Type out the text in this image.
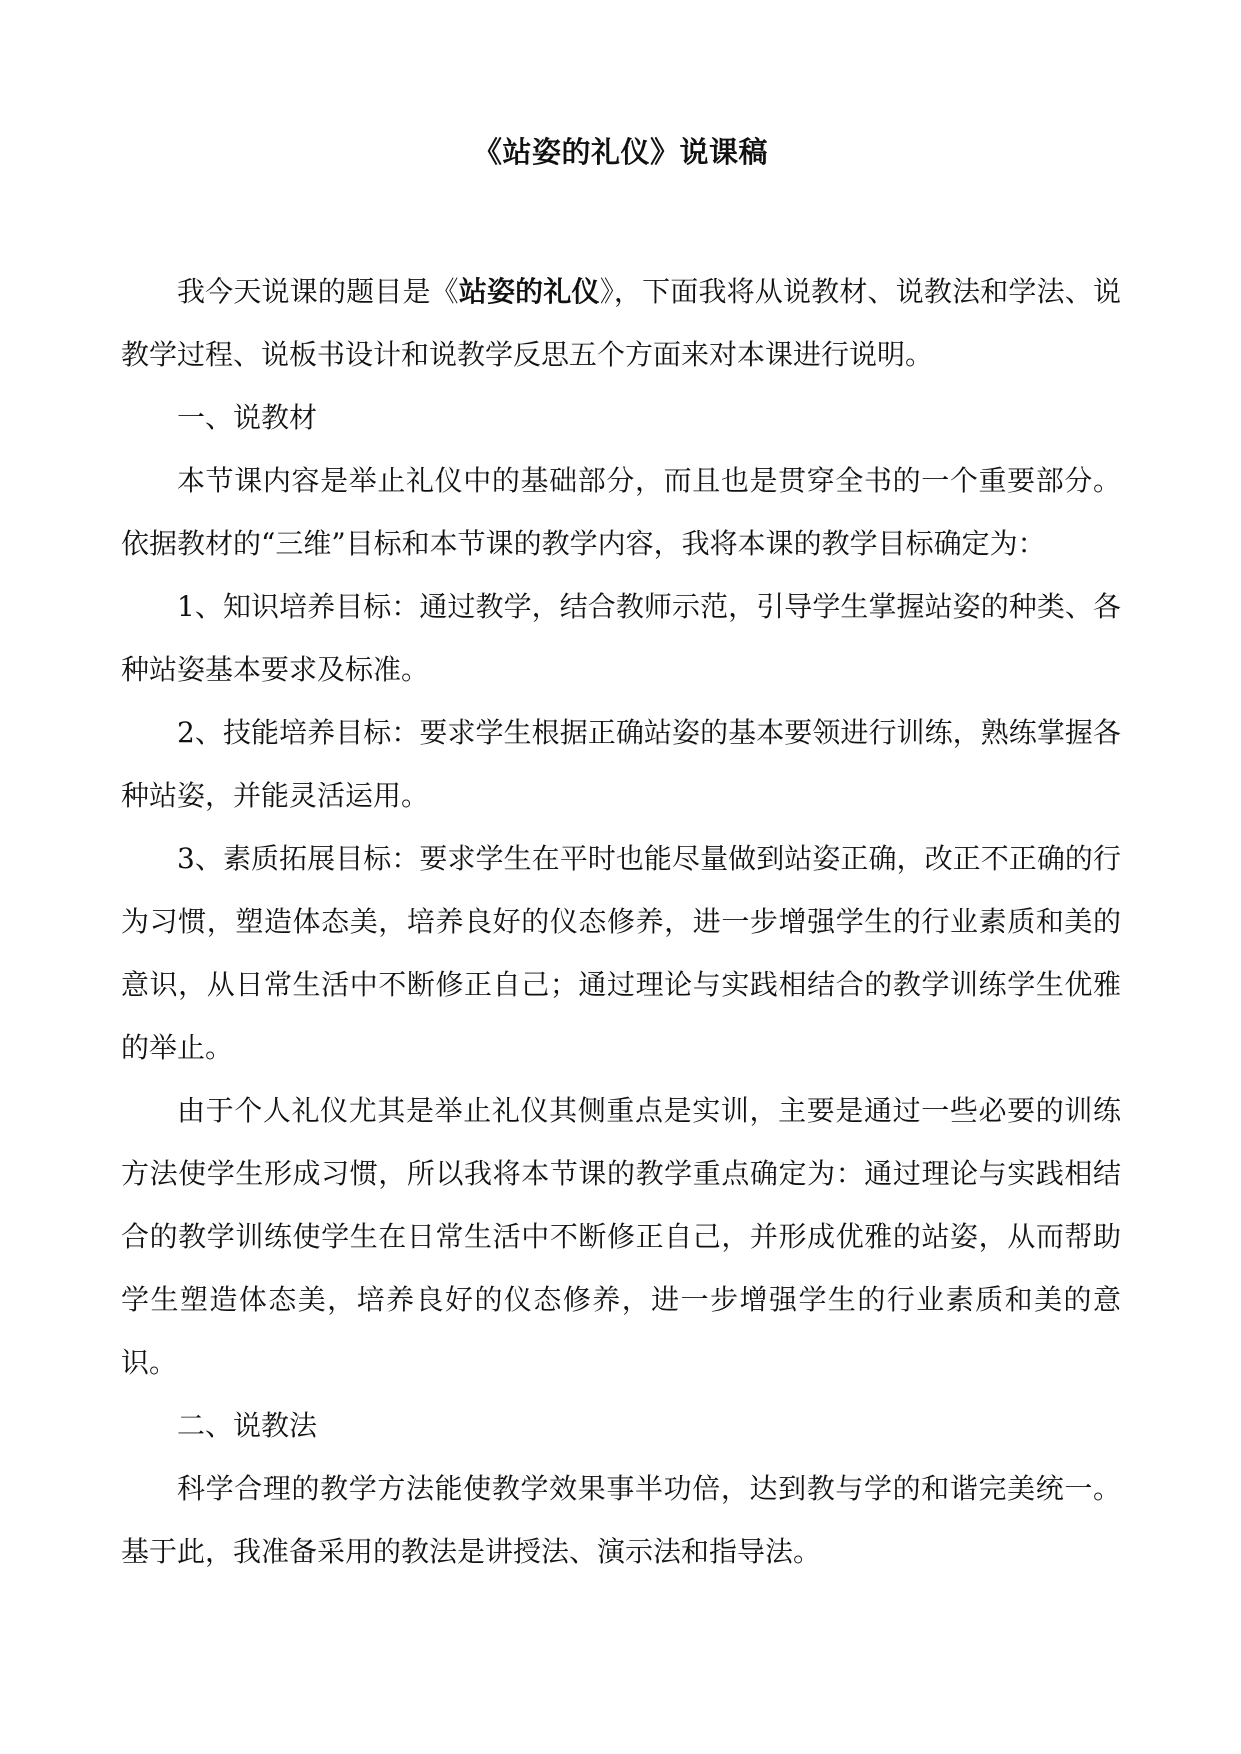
《站姿的礼仪》说课稿

我今天说课的题目是《站姿的礼仪》，下面我将从说教材、说教法和学法、说教学过程、说板书设计和说教学反思五个方面来对本课进行说明。

一、说教材

本节课内容是举止礼仪中的基础部分，而且也是贯穿全书的一个重要部分。依据教材的“三维”目标和本节课的教学内容，我将本课的教学目标确定为：

1、知识培养目标：通过教学，结合教师示范，引导学生掌握站姿的种类、各种站姿基本要求及标准。

2、技能培养目标：要求学生根据正确站姿的基本要领进行训练，熟练掌握各种站姿，并能灵活运用。

3、素质拓展目标：要求学生在平时也能尽量做到站姿正确，改正不正确的行为习惯，塑造体态美，培养良好的仪态修养，进一步增强学生的行业素质和美的意识，从日常生活中不断修正自己；通过理论与实践相结合的教学训练学生优雅的举止。

由于个人礼仪尤其是举止礼仪其侧重点是实训，主要是通过一些必要的训练方法使学生形成习惯，所以我将本节课的教学重点确定为：通过理论与实践相结合的教学训练使学生在日常生活中不断修正自己，并形成优雅的站姿，从而帮助学生塑造体态美，培养良好的仪态修养，进一步增强学生的行业素质和美的意识。

二、说教法

科学合理的教学方法能使教学效果事半功倍，达到教与学的和谐完美统一。基于此，我准备采用的教法是讲授法、演示法和指导法。
